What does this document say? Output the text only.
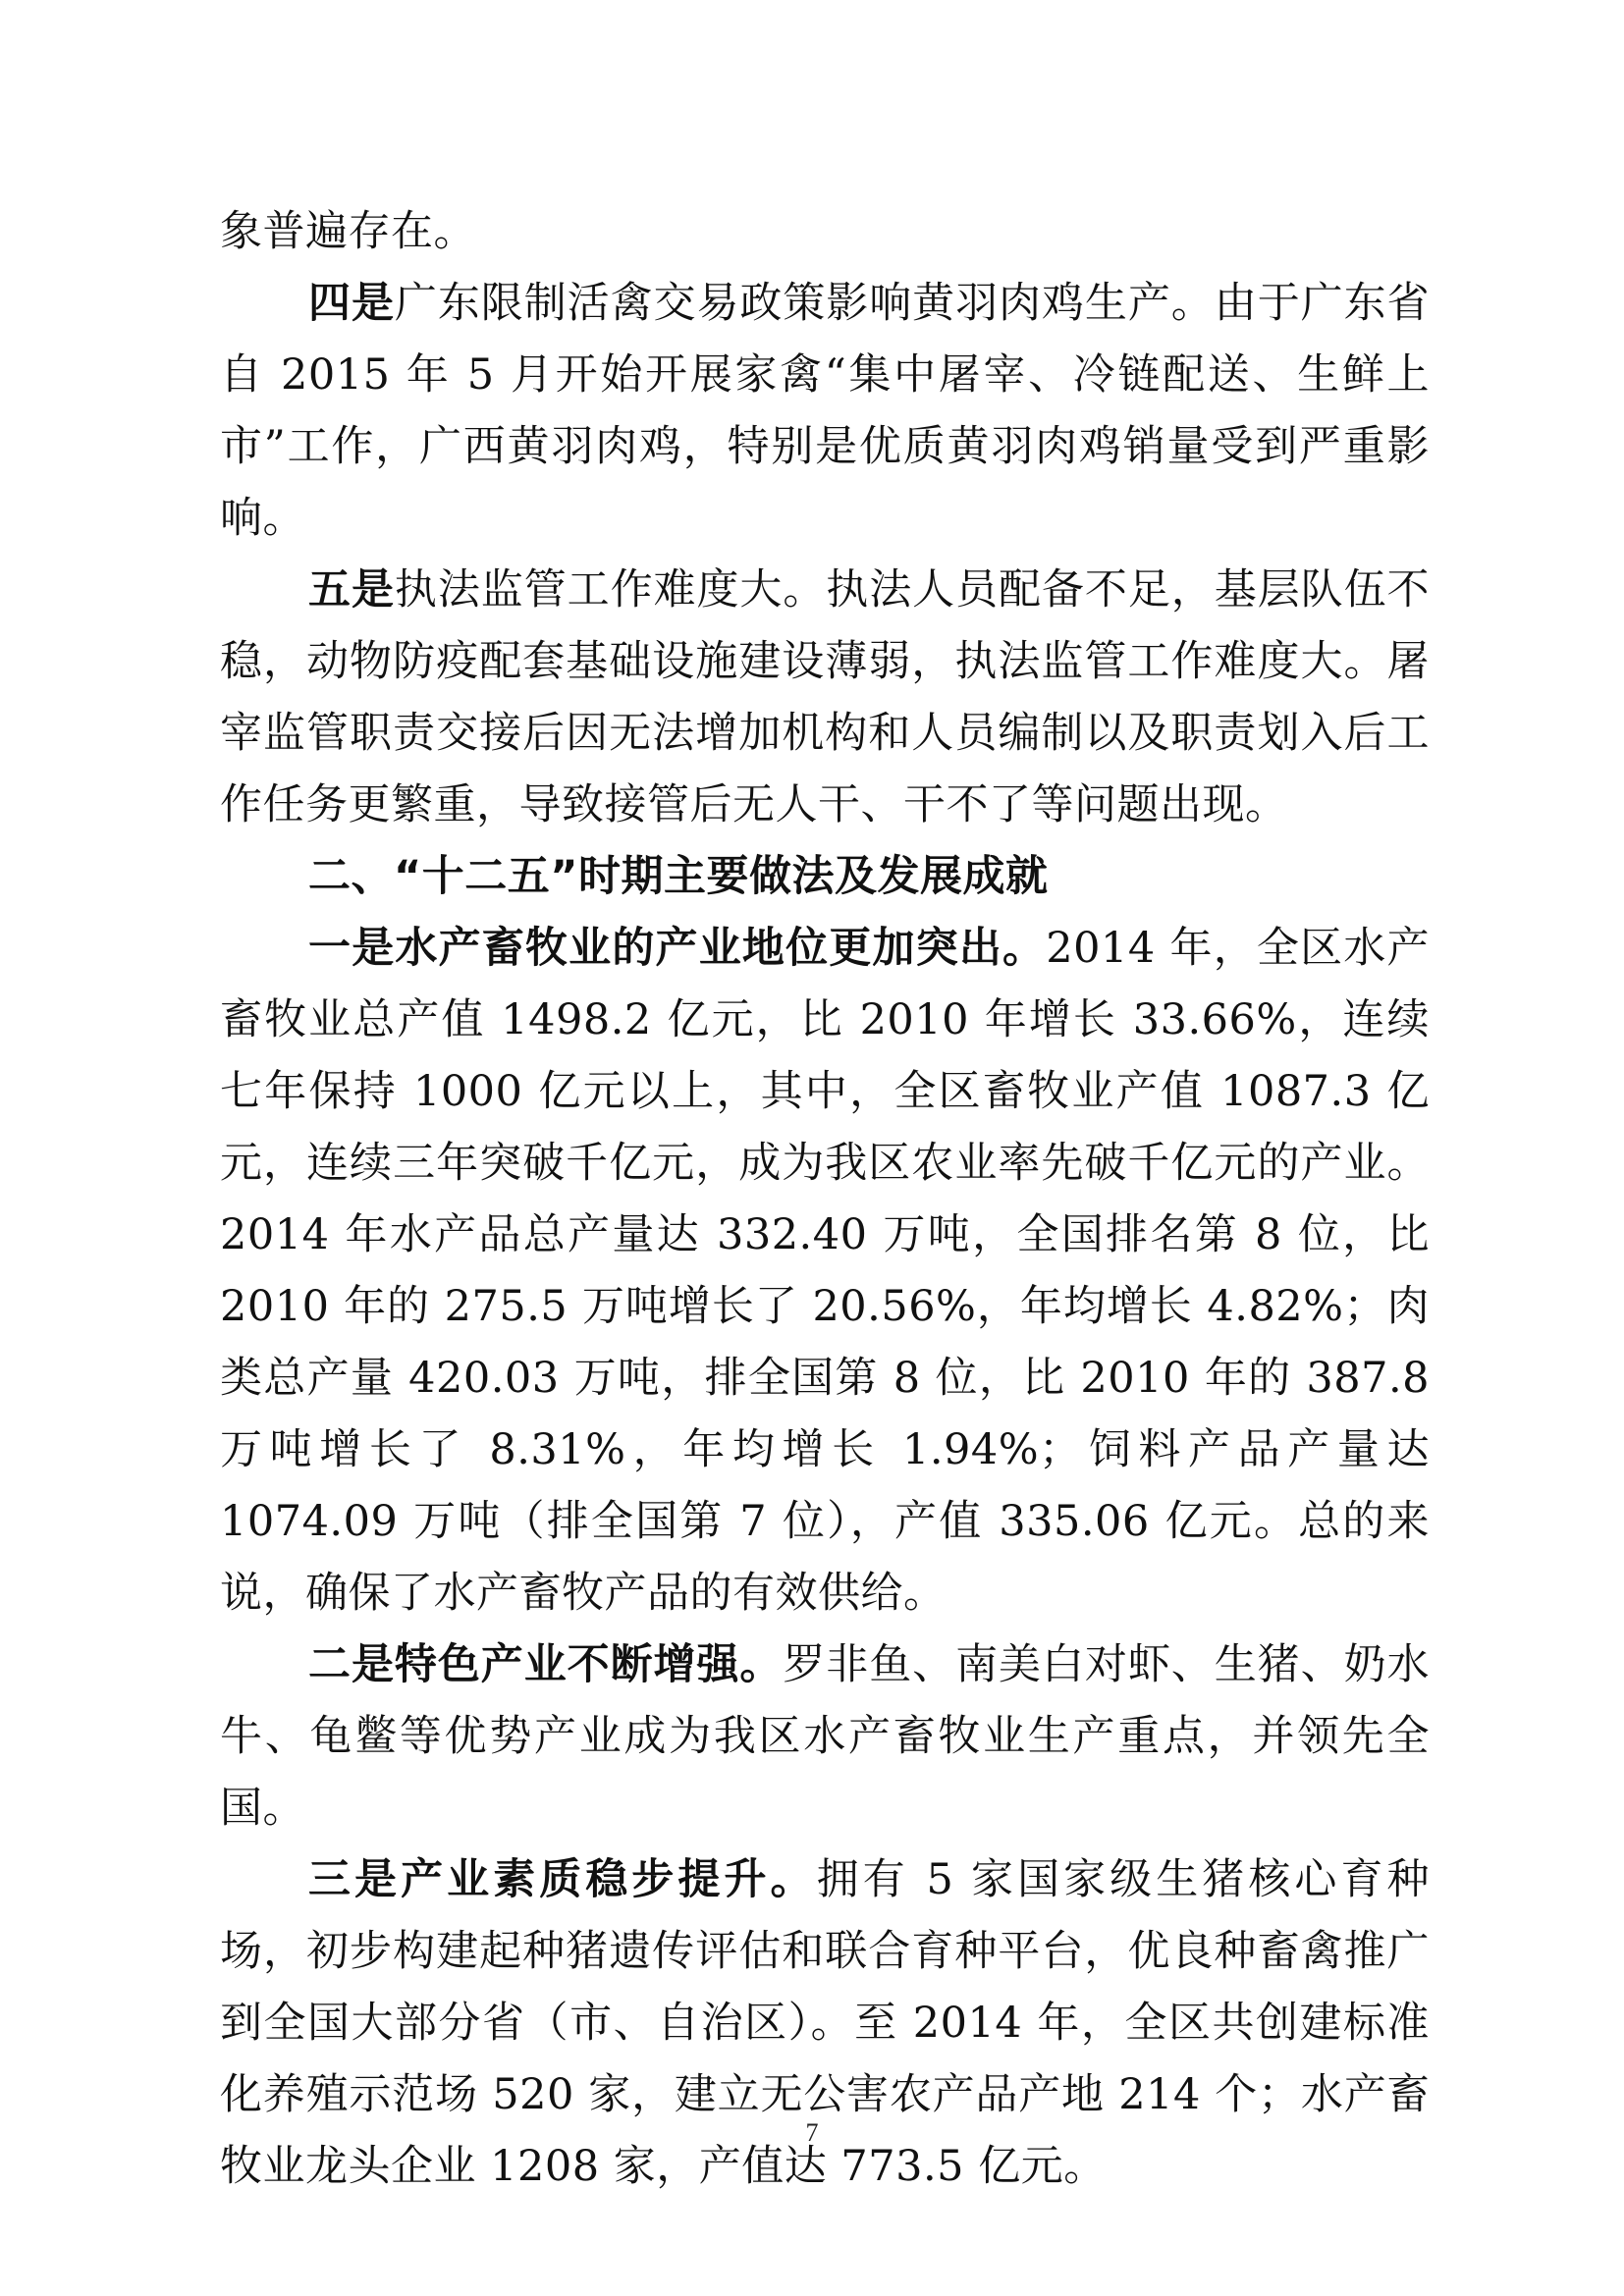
象普遍存在。

四是广东限制活禽交易政策影响黄羽肉鸡生产。由于广东省自 2015 年 5 月开始开展家禽“集中屠宰、冷链配送、生鲜上市”工作，广西黄羽肉鸡，特别是优质黄羽肉鸡销量受到严重影响。

五是执法监管工作难度大。执法人员配备不足，基层队伍不稳，动物防疫配套基础设施建设薄弱，执法监管工作难度大。屠宰监管职责交接后因无法增加机构和人员编制以及职责划入后工作任务更繁重，导致接管后无人干、干不了等问题出现。

二、“十二五”时期主要做法及发展成就

一是水产畜牧业的产业地位更加突出。2014 年，全区水产畜牧业总产值 1498.2 亿元，比 2010 年增长 33.66%，连续七年保持 1000 亿元以上，其中，全区畜牧业产值 1087.3 亿元，连续三年突破千亿元，成为我区农业率先破千亿元的产业。2014 年水产品总产量达 332.40 万吨，全国排名第 8 位，比 2010 年的 275.5 万吨增长了 20.56%，年均增长 4.82%；肉类总产量 420.03 万吨，排全国第 8 位，比 2010 年的 387.8 万吨增长了 8.31%，年均增长 1.94%；饲料产品产量达 1074.09 万吨（排全国第 7 位），产值 335.06 亿元。总的来说，确保了水产畜牧产品的有效供给。

二是特色产业不断增强。罗非鱼、南美白对虾、生猪、奶水牛、龟鳖等优势产业成为我区水产畜牧业生产重点，并领先全国。

三是产业素质稳步提升。拥有 5 家国家级生猪核心育种场，初步构建起种猪遗传评估和联合育种平台，优良种畜禽推广到全国大部分省（市、自治区）。至 2014 年，全区共创建标准化养殖示范场 520 家，建立无公害农产品产地 214 个；水产畜牧业龙头企业 1208 家，产值达 773.5 亿元。

7
